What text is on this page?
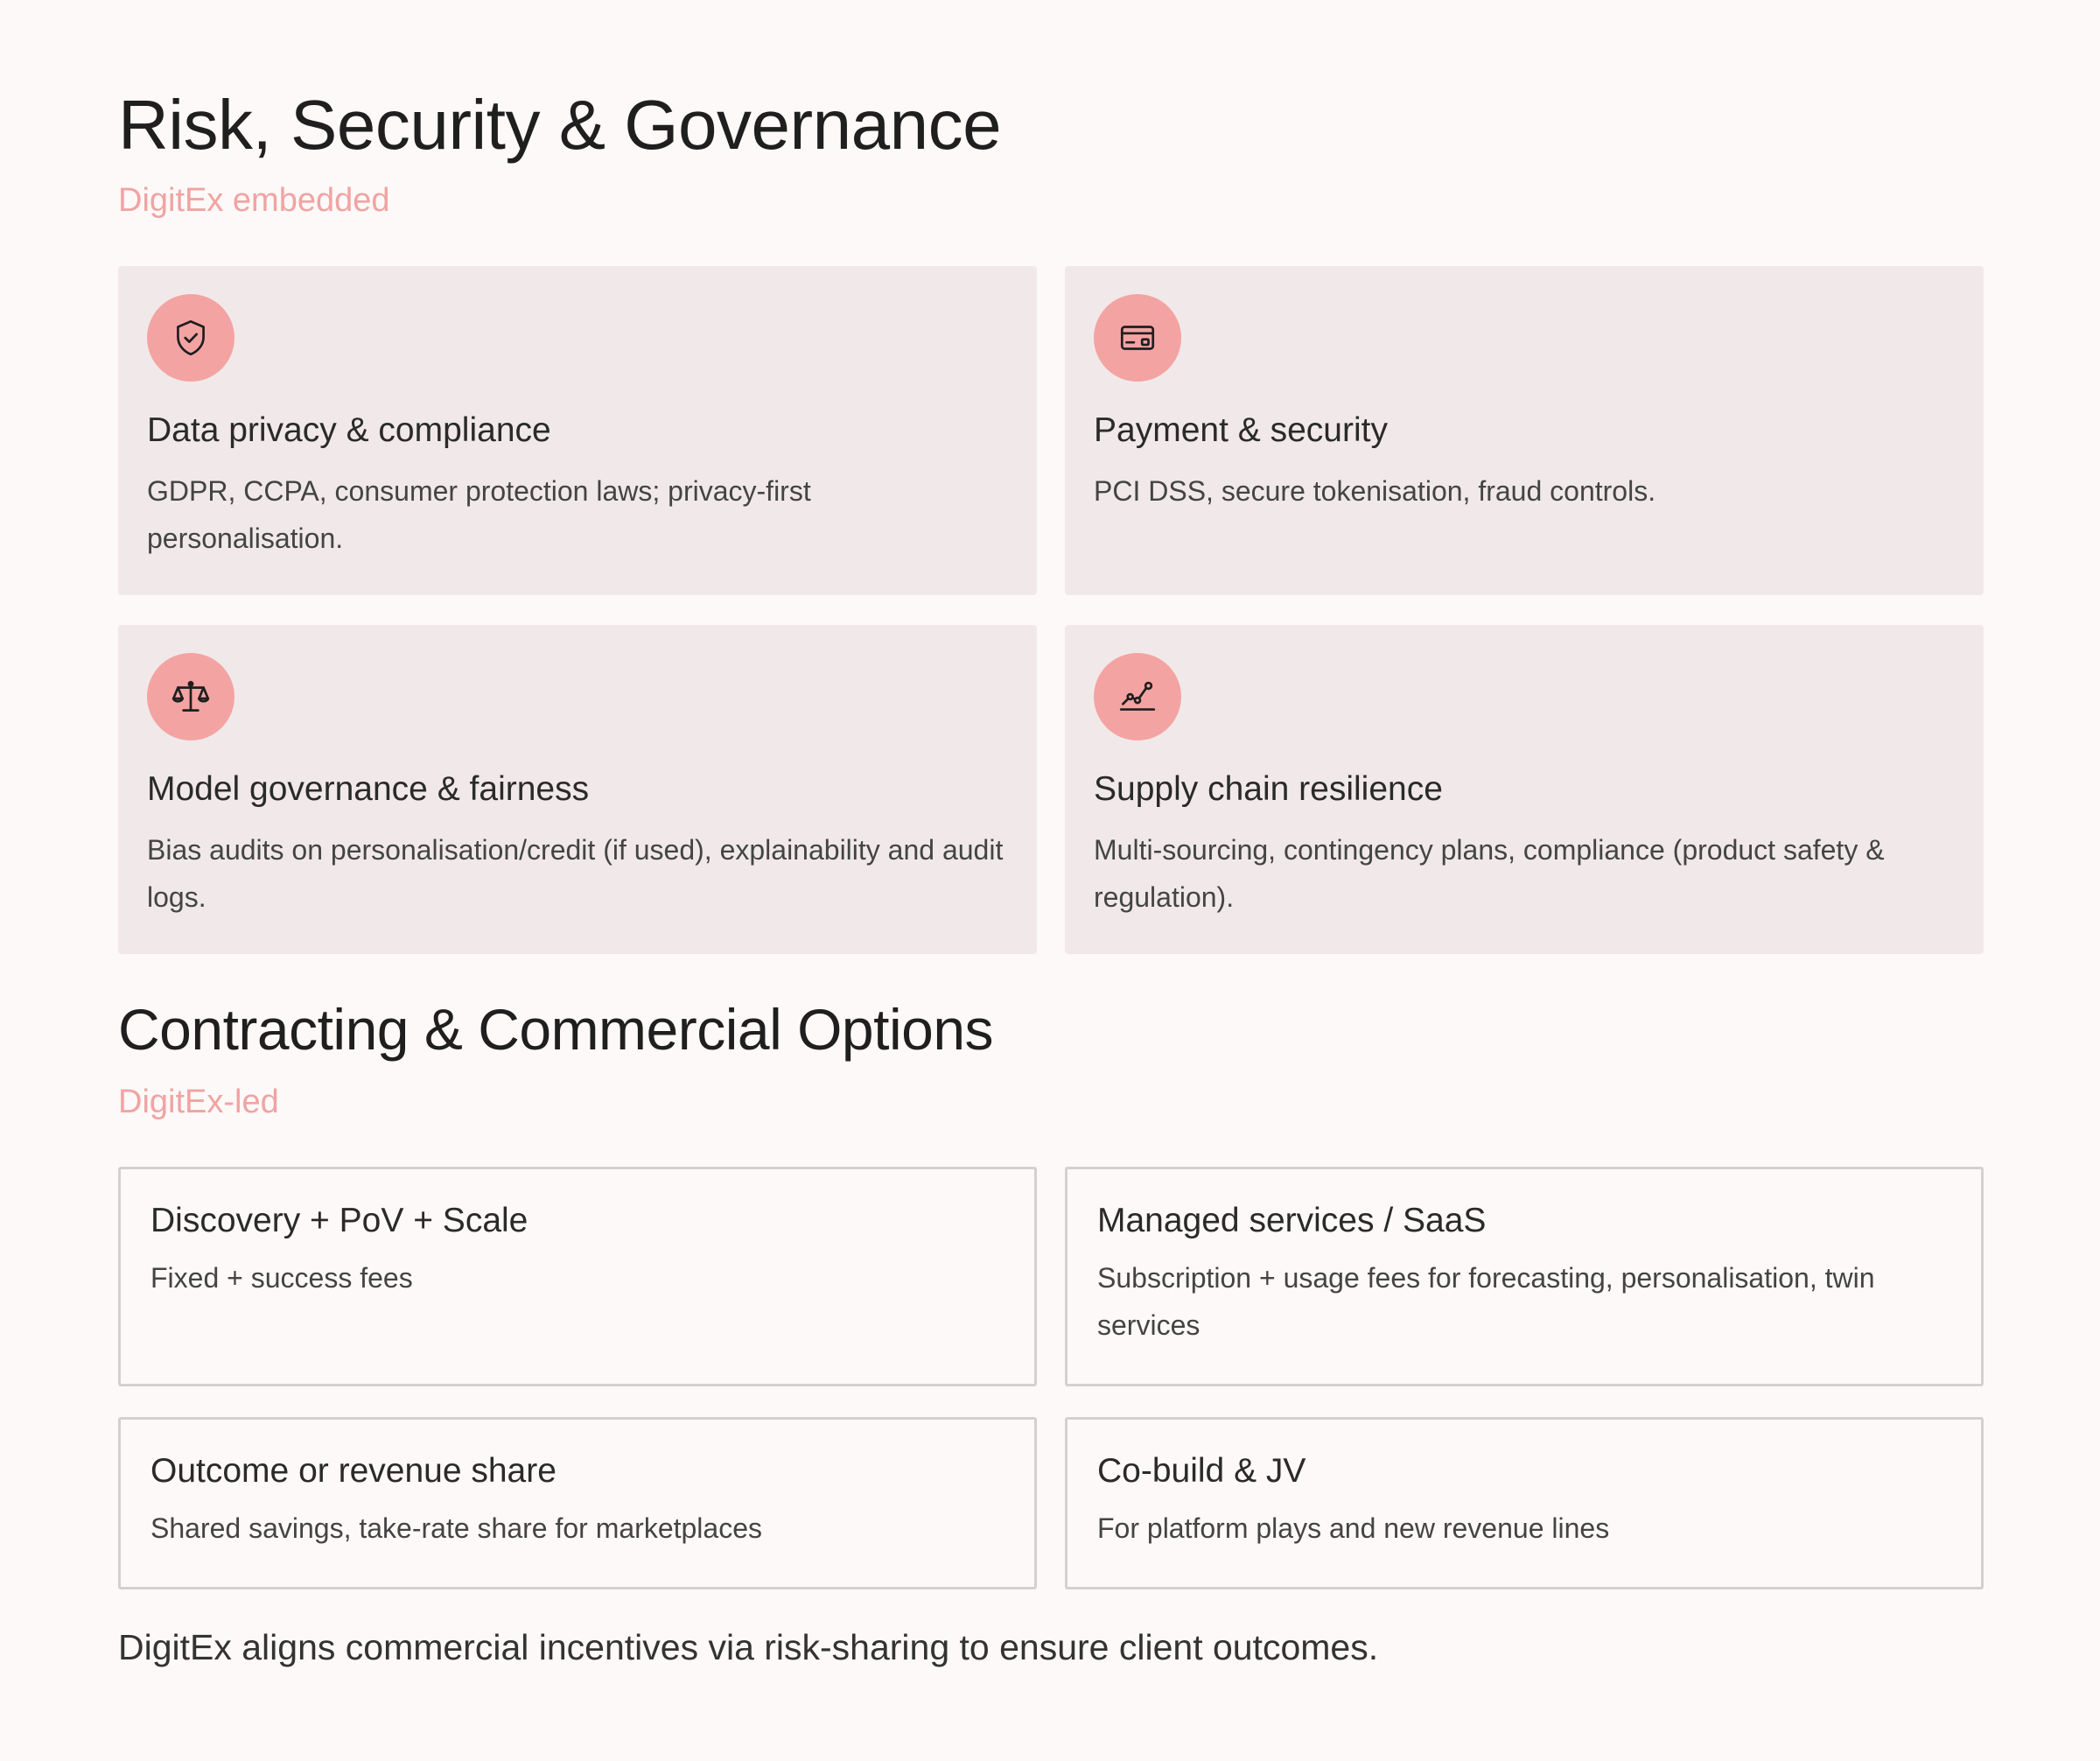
Risk, Security & Governance

DigitEx embedded

Data privacy & compliance

GDPR, CCPA, consumer protection laws; privacy-first personalisation.

Payment & security

PCI DSS, secure tokenisation, fraud controls.

Model governance & fairness

Bias audits on personalisation/credit (if used), explainability and audit logs.

Supply chain resilience

Multi-sourcing, contingency plans, compliance (product safety & regulation).

Contracting & Commercial Options

DigitEx-led

Discovery + PoV + Scale

Fixed + success fees

Managed services / SaaS

Subscription + usage fees for forecasting, personalisation, twin services

Outcome or revenue share

Shared savings, take-rate share for marketplaces

Co-build & JV

For platform plays and new revenue lines

DigitEx aligns commercial incentives via risk-sharing to ensure client outcomes.
